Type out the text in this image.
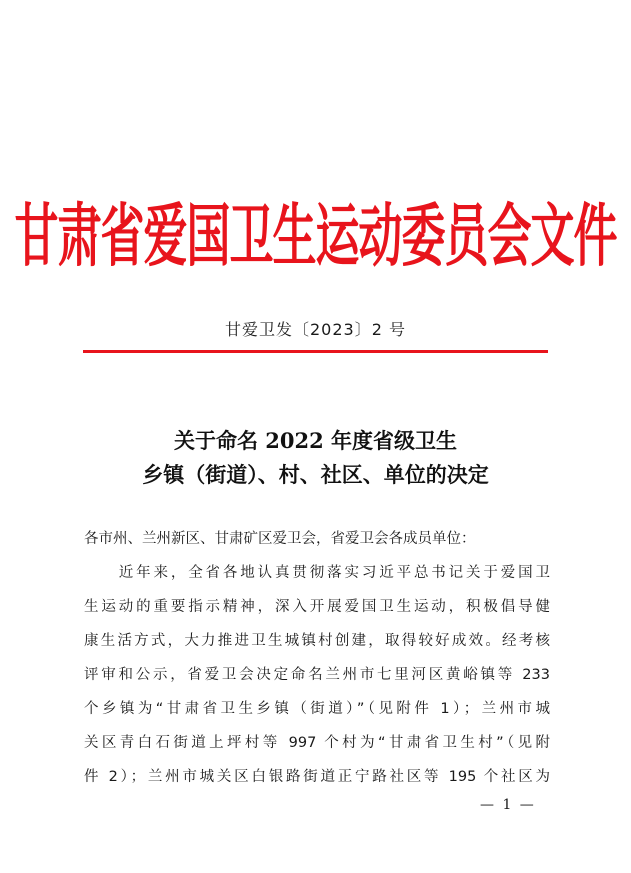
甘肃省爱国卫生运动委员会文件
甘爱卫发〔2023〕2 号
关于命名 2022 年度省级卫生
乡镇（街道）、村、社区、单位的决定
各市州、兰州新区、甘肃矿区爱卫会，省爱卫会各成员单位：
　　近年来，全省各地认真贯彻落实习近平总书记关于爱国卫
生运动的重要指示精神，深入开展爱国卫生运动，积极倡导健
康生活方式，大力推进卫生城镇村创建，取得较好成效。经考核
评审和公示，省爱卫会决定命名兰州市七里河区黄峪镇等 233
个乡镇为“甘肃省卫生乡镇（街道）”（见附件 1）；兰州市城
关区青白石街道上坪村等 997 个村为“甘肃省卫生村”（见附
件 2）；兰州市城关区白银路街道正宁路社区等 195 个社区为
— 1 —
